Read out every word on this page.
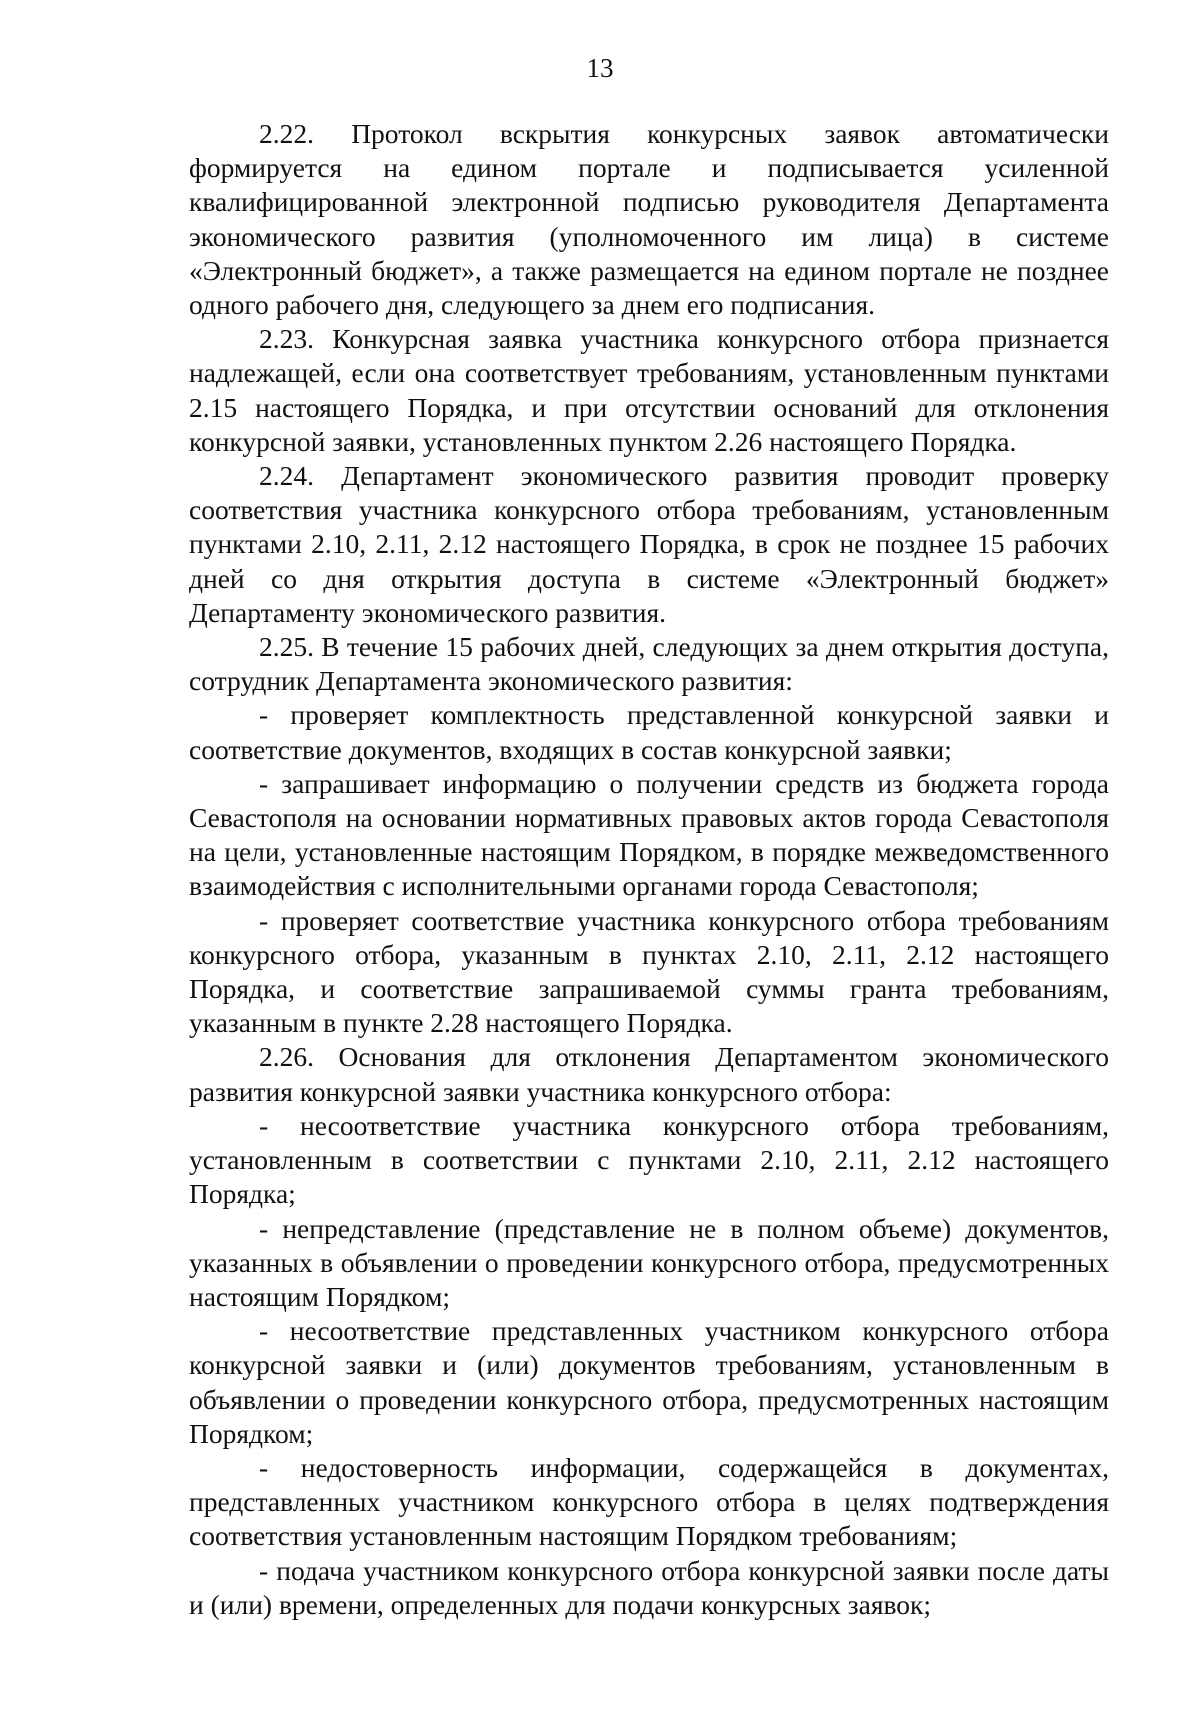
13

2.22. Протокол вскрытия конкурсных заявок автоматически формируется на едином портале и подписывается усиленной квалифицированной электронной подписью руководителя Департамента экономического развития (уполномоченного им лица) в системе «Электронный бюджет», а также размещается на едином портале не позднее одного рабочего дня, следующего за днем его подписания.

2.23. Конкурсная заявка участника конкурсного отбора признается надлежащей, если она соответствует требованиям, установленным пунктами 2.15 настоящего Порядка, и при отсутствии оснований для отклонения конкурсной заявки, установленных пунктом 2.26 настоящего Порядка.

2.24. Департамент экономического развития проводит проверку соответствия участника конкурсного отбора требованиям, установленным пунктами 2.10, 2.11, 2.12 настоящего Порядка, в срок не позднее 15 рабочих дней со дня открытия доступа в системе «Электронный бюджет» Департаменту экономического развития.

2.25. В течение 15 рабочих дней, следующих за днем открытия доступа, сотрудник Департамента экономического развития:

- проверяет комплектность представленной конкурсной заявки и соответствие документов, входящих в состав конкурсной заявки;

- запрашивает информацию о получении средств из бюджета города Севастополя на основании нормативных правовых актов города Севастополя на цели, установленные настоящим Порядком, в порядке межведомственного взаимодействия с исполнительными органами города Севастополя;

- проверяет соответствие участника конкурсного отбора требованиям конкурсного отбора, указанным в пунктах 2.10, 2.11, 2.12 настоящего Порядка, и соответствие запрашиваемой суммы гранта требованиям, указанным в пункте 2.28 настоящего Порядка.

2.26. Основания для отклонения Департаментом экономического развития конкурсной заявки участника конкурсного отбора:

- несоответствие участника конкурсного отбора требованиям, установленным в соответствии с пунктами 2.10, 2.11, 2.12 настоящего Порядка;

- непредставление (представление не в полном объеме) документов, указанных в объявлении о проведении конкурсного отбора, предусмотренных настоящим Порядком;

- несоответствие представленных участником конкурсного отбора конкурсной заявки и (или) документов требованиям, установленным в объявлении о проведении конкурсного отбора, предусмотренных настоящим Порядком;

- недостоверность информации, содержащейся в документах, представленных участником конкурсного отбора в целях подтверждения соответствия установленным настоящим Порядком требованиям;

- подача участником конкурсного отбора конкурсной заявки после даты и (или) времени, определенных для подачи конкурсных заявок;
